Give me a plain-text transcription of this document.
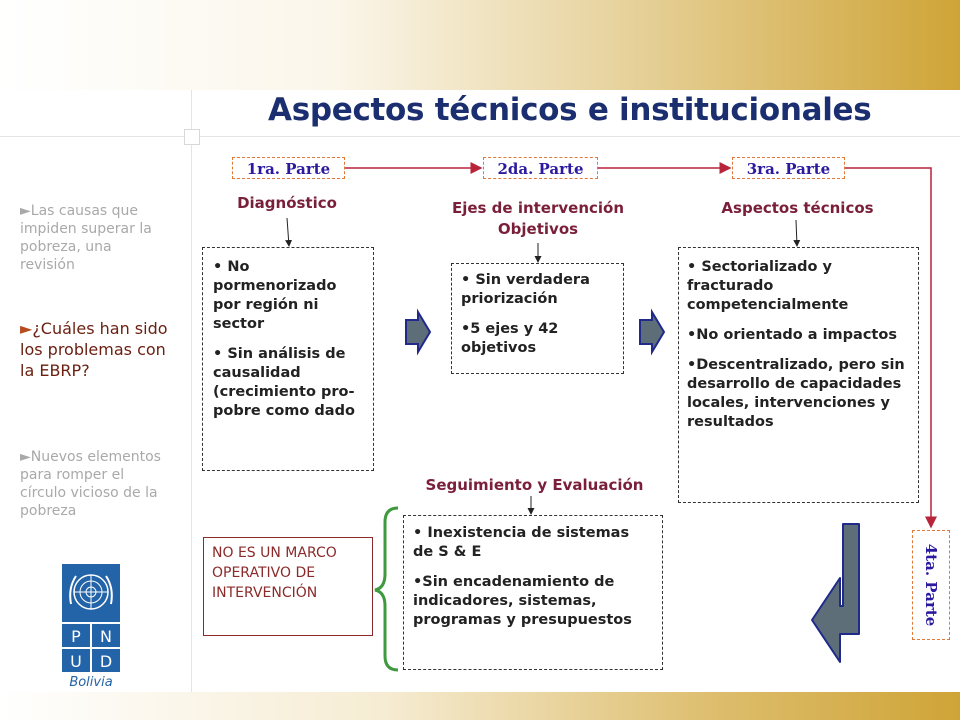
Aspectos técnicos e institucionales
►Las causas que impiden superar la pobreza, una revisión
►¿Cuáles han sido los problemas con la EBRP?
►Nuevos elementos para romper el círculo vicioso de la pobreza
1ra. Parte	2da. Parte	3ra. Parte
4ta. Parte
Diagnóstico	Ejes de intervención
Objetivos
Aspectos técnicos
Seguimiento y Evaluación
• No pormenorizado por región ni sector
• Sin análisis de causalidad (crecimiento pro-pobre como dado
• Sin verdadera priorización
•5 ejes y 42 objetivos
• Sectorializado y fracturado competencialmente
•No orientado a impactos
•Descentralizado, pero sin desarrollo de capacidades locales, intervenciones y resultados
• Inexistencia de sistemas de S & E
•Sin encadenamiento de indicadores, sistemas, programas y presupuestos
NO ES UN MARCO OPERATIVO DE INTERVENCIÓN
P N
U D
Bolivia
